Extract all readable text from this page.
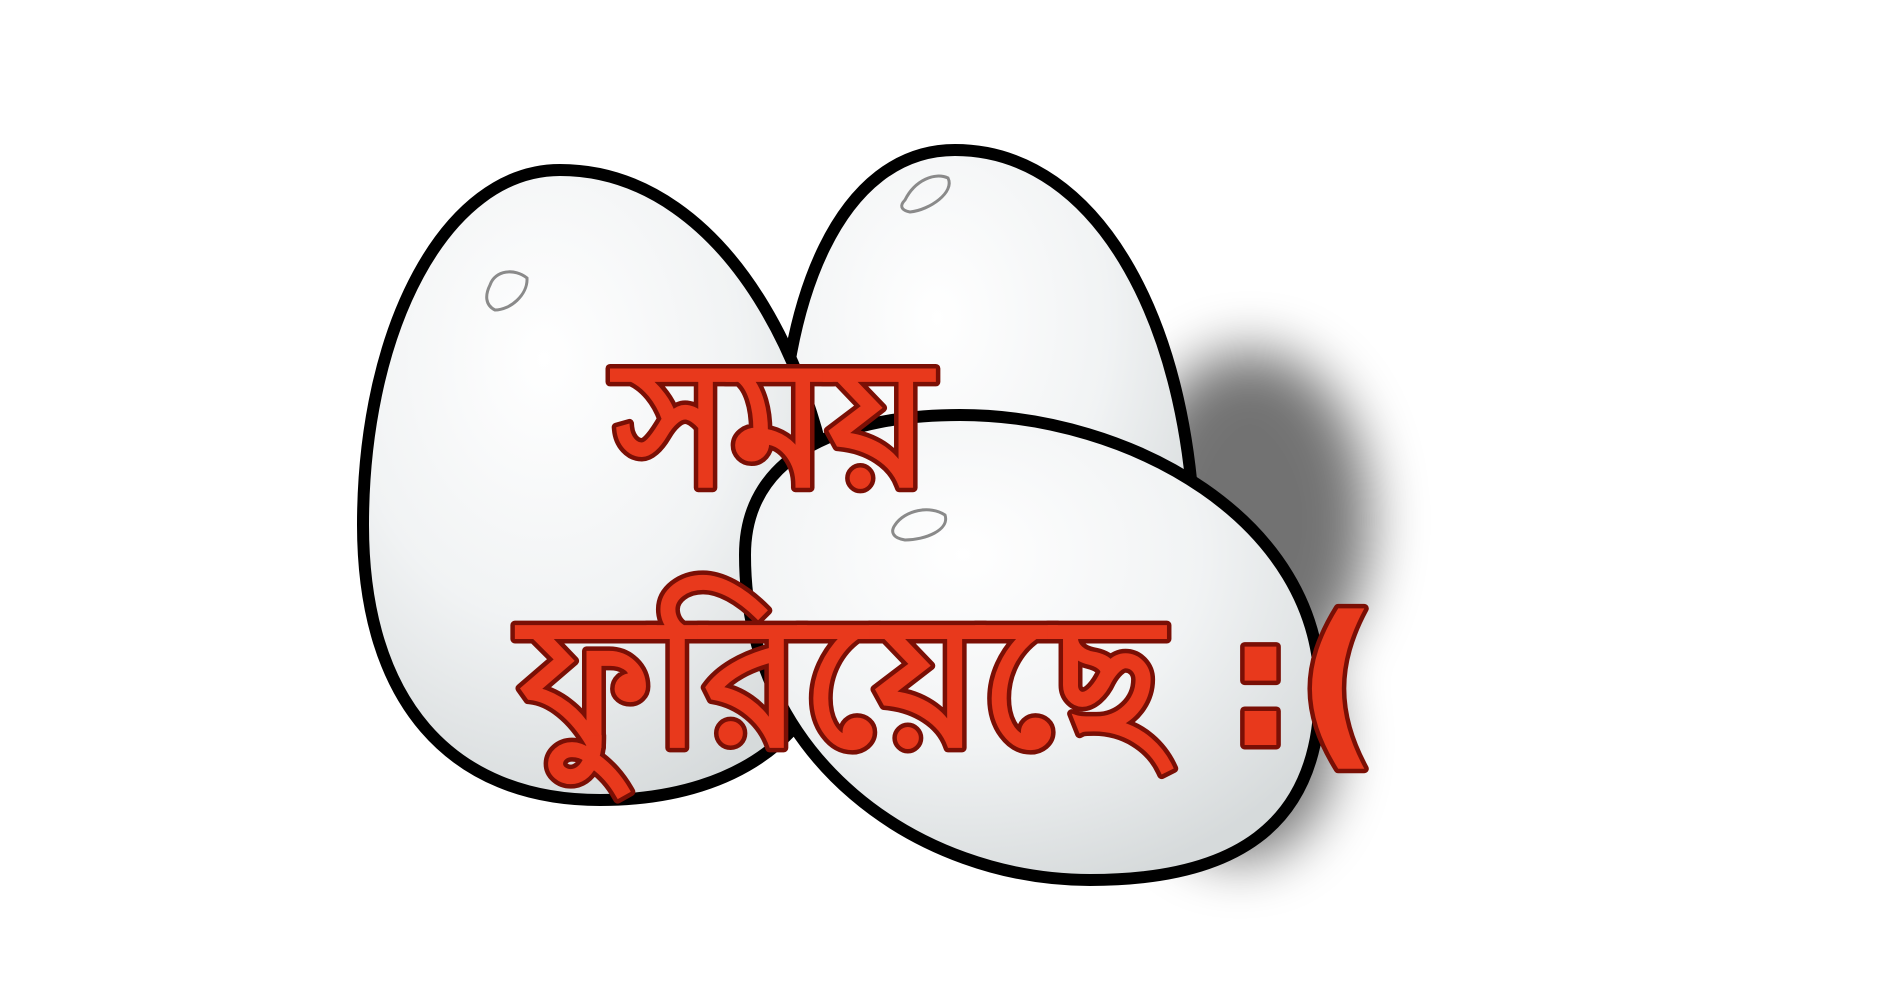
সময়
ফুরিয়েছে :(
